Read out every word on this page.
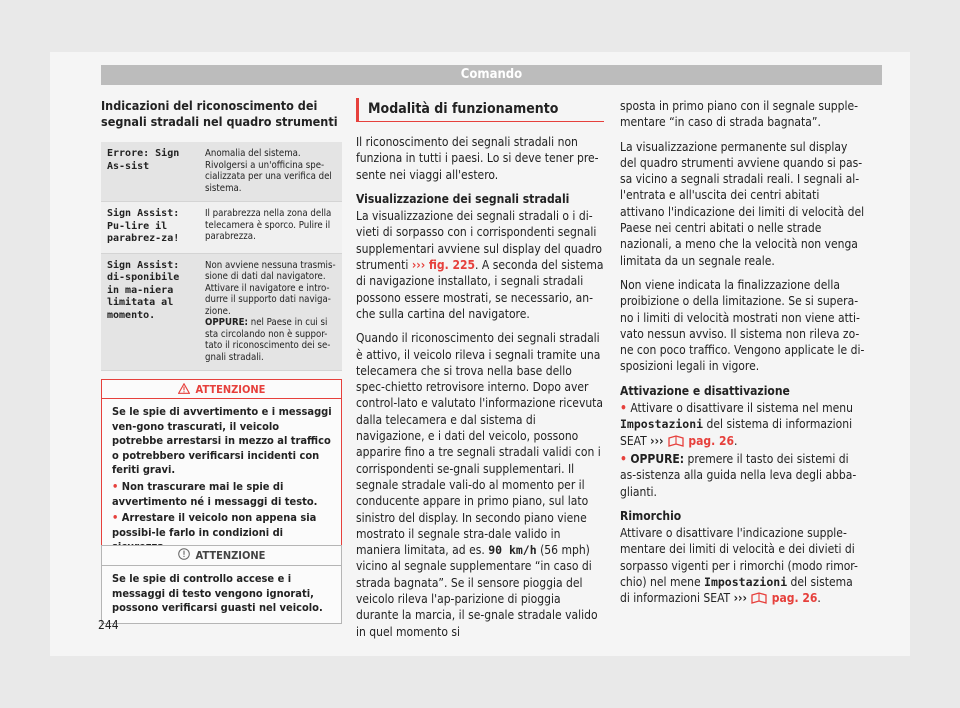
Comando
Indicazioni del riconoscimento dei segnali stradali nel quadro strumenti
Errore: Sign As-sist
Anomalia del sistema. Rivolgersi a un'officina spe-cializzata per una verifica del sistema.
Sign Assist: Pu-lire il parabrez-za!
Il parabrezza nella zona della telecamera è sporco. Pulire il parabrezza.
Sign Assist: di-sponibile in ma-niera limitata al momento.
Non avviene nessuna trasmis-sione di dati dal navigatore. Attivare il navigatore e intro-durre il supporto dati naviga-zione.
OPPURE: nel Paese in cui si sta circolando non è suppor-tato il riconoscimento dei se-gnali stradali.
ATTENZIONE

Se le spie di avvertimento e i messaggi ven-gono trascurati, il veicolo potrebbe arrestarsi in mezzo al traffico o potrebbero verificarsi incidenti con feriti gravi.

• Non trascurare mai le spie di avvertimento né i messaggi di testo.

• Arrestare il veicolo non appena sia possibi-le farlo in condizioni di

ATTENZIONE
Se le spie di controllo accese e i messaggi di testo vengono ignorati, possono verificarsi guasti nel veicolo.
Modalità di funzionamento

Il riconoscimento dei segnali stradali non funziona in tutti i paesi. Lo si deve tener pre-sente nei viaggi all'estero.

Visualizzazione dei segnali stradali

La visualizzazione dei segnali stradali o i di-vieti di sorpasso con i corrispondenti segnali supplementari avviene sul display del quadro strumenti ››› fig. 225. A seconda del sistema di navigazione installato, i segnali stradali possono essere mostrati, se necessario, an-che sulla cartina del navigatore.

Quando il riconoscimento dei segnali stradali è attivo, il veicolo rileva i segnali tramite una telecamera che si trova nella base dello spec-chietto retrovisore interno. Dopo aver control-lato e valutato l'informazione ricevuta dalla telecamera e dal sistema di navigazione, e i dati del veicolo, possono apparire fino a tre segnali stradali validi con i corrispondenti se-gnali supplementari. Il segnale stradale vali-do al momento per il conducente appare in primo piano, sul lato sinistro del display. In secondo piano viene mostrato il segnale stra-dale valido in maniera limitata, ad es. 90 km/h (56 mph) vicino al segnale supplementare “in caso di strada bagnata”. Se il sensore pioggia del veicolo rileva l'ap-parizione di pioggia durante la marcia, il se-gnale stradale valido in quel momento si

sposta in primo piano con il segnale supple-mentare “in caso di strada bagnata”.

La visualizzazione permanente sul display del quadro strumenti avviene quando si pas-sa vicino a segnali stradali reali. I segnali al-l'entrata e all'uscita dei centri abitati attivano l'indicazione dei limiti di velocità del Paese nei centri abitati o nelle strade nazionali, a meno che la velocità non venga limitata da un segnale reale.

Non viene indicata la finalizzazione della proibizione o della limitazione. Se si supera-no i limiti di velocità mostrati non viene atti-vato nessun avviso. Il sistema non rileva zo-ne con poco traffico. Vengono applicate le di-sposizioni legali in vigore.

Attivazione e disattivazione

• Attivare o disattivare il sistema nel menu Impostazioni del sistema di informazioni SEAT ››› pag. 26.

• OPPURE: premere il tasto dei sistemi di as-sistenza alla guida nella leva degli abba-glianti.

Rimorchio

Attivare o disattivare l'indicazione supple-mentare dei limiti di velocità e dei divieti di sorpasso vigenti per i rimorchi (modo rimor-chio) nel mene Impostazioni del sistema di informazioni SEAT ››› pag. 26.

244
